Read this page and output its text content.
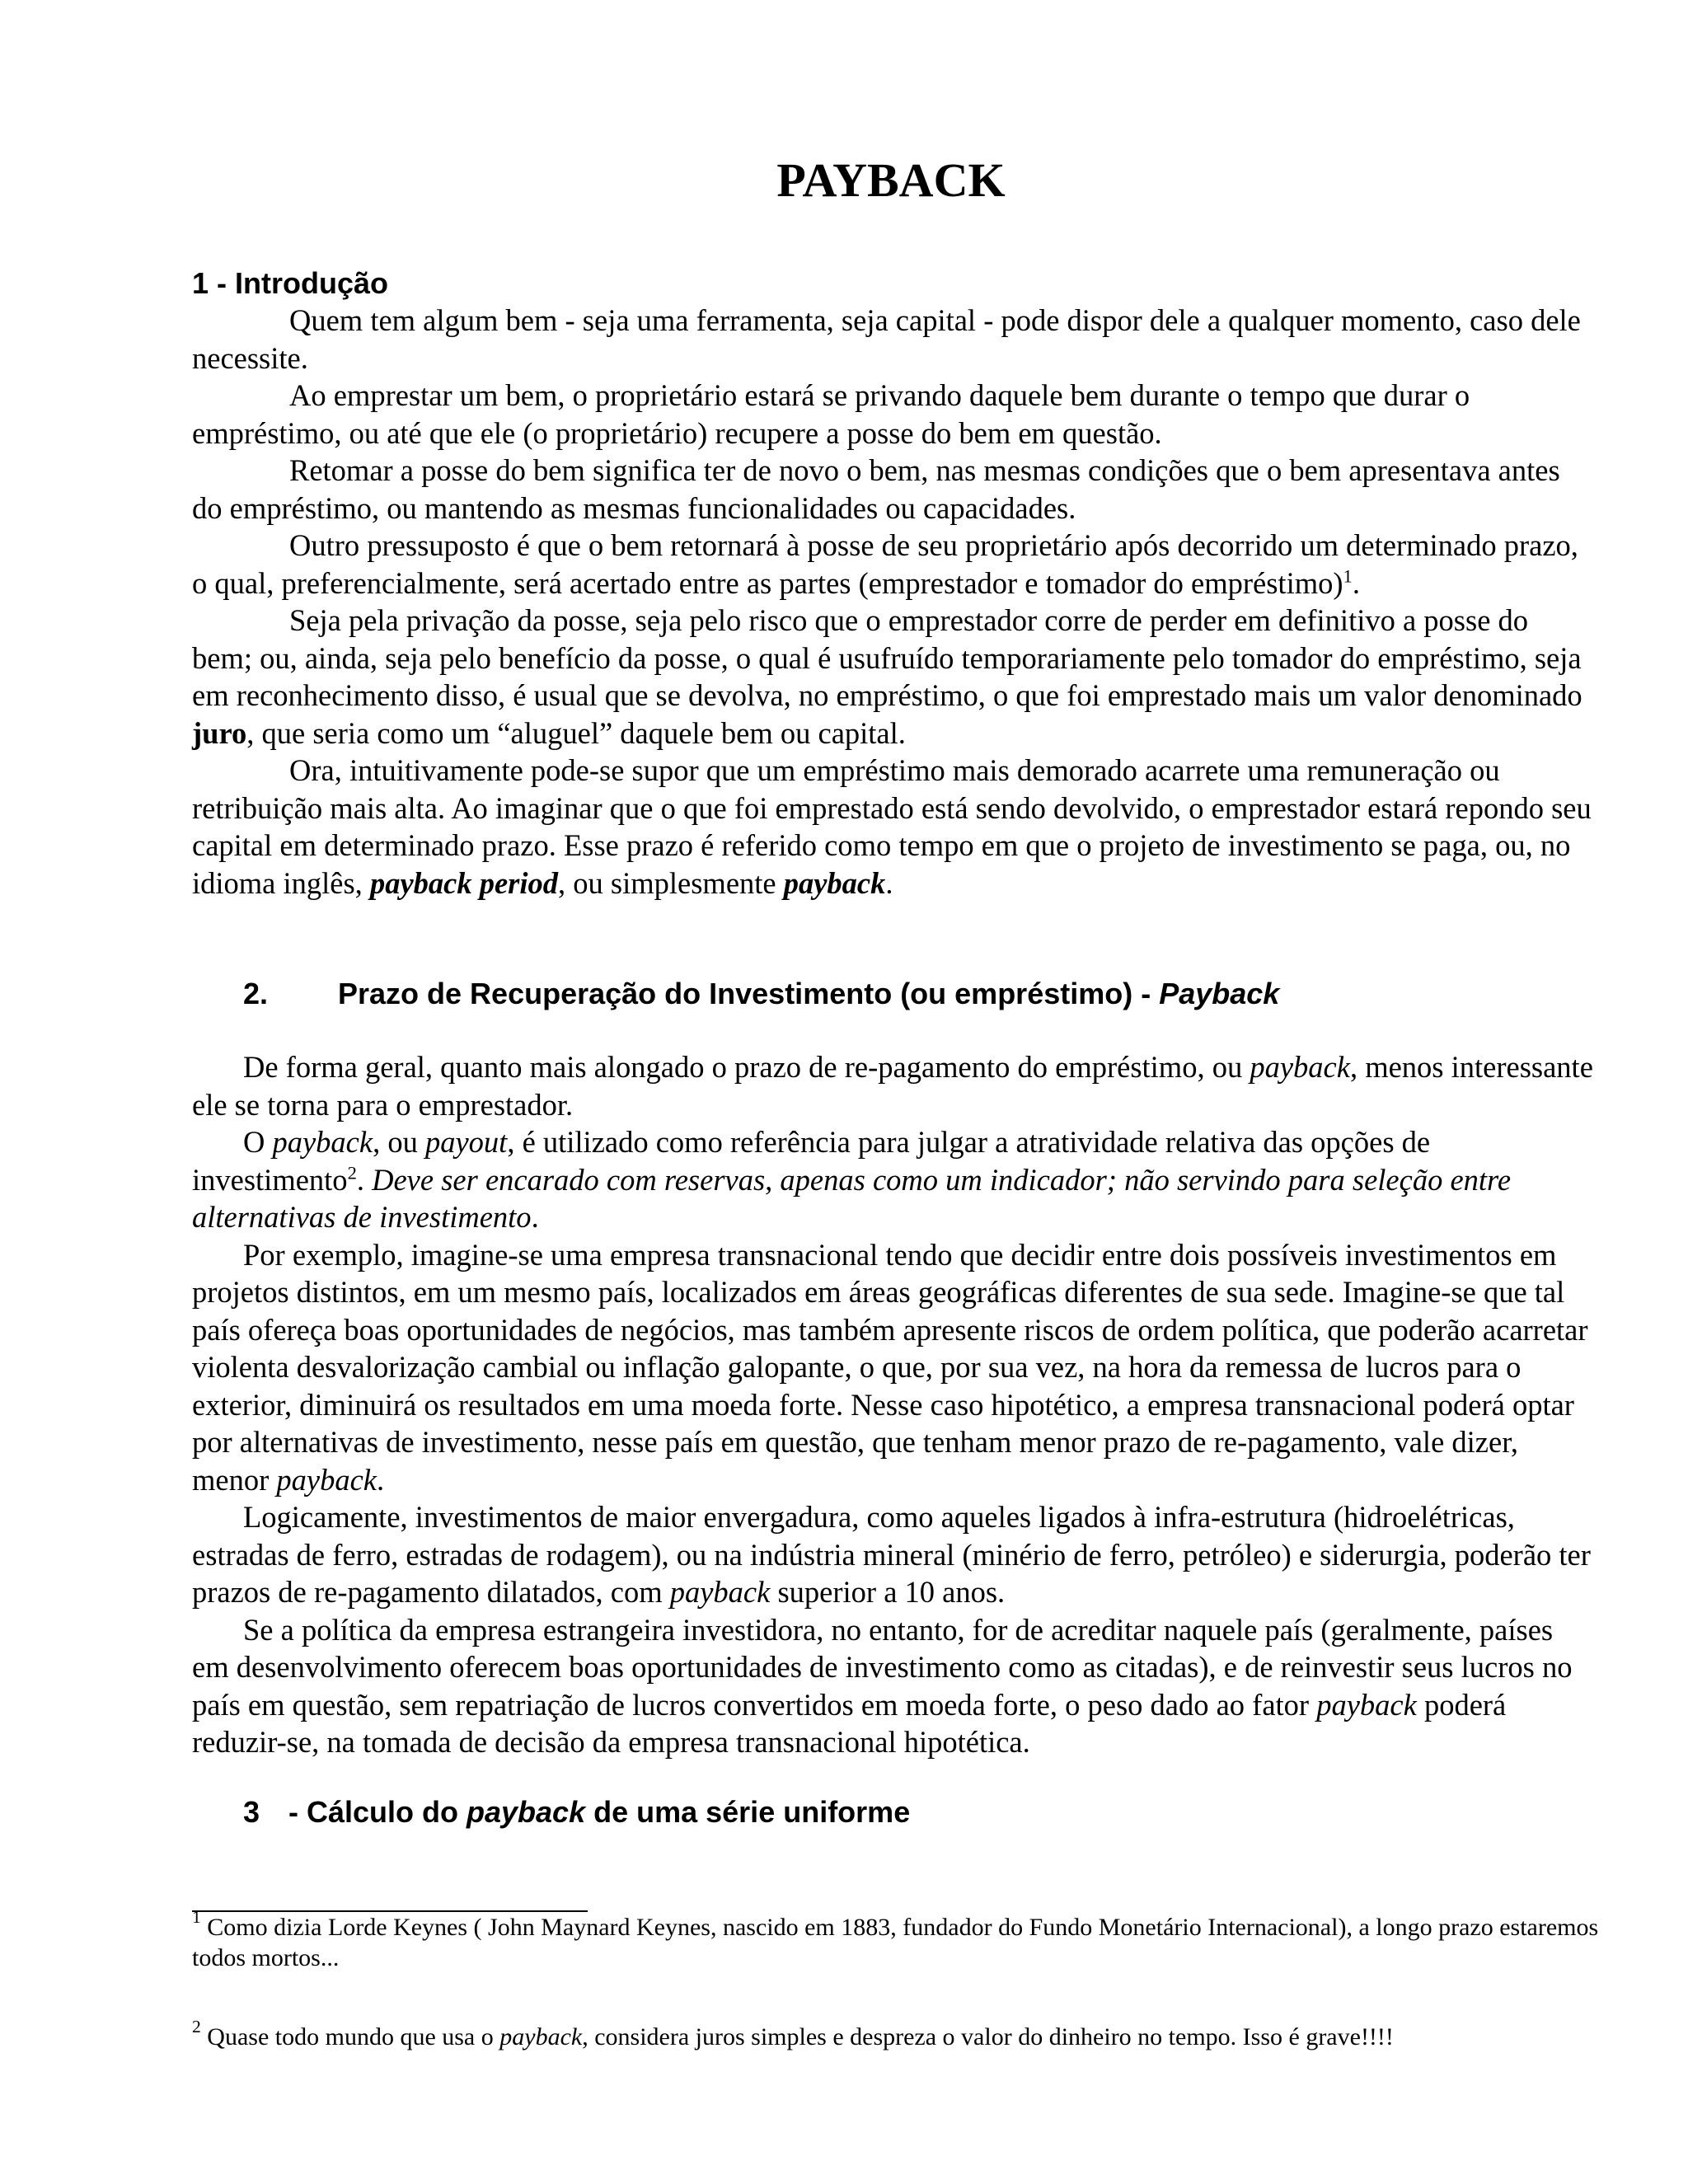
PAYBACK
1 - Introdução

Quem tem algum bem - seja uma ferramenta, seja capital - pode dispor dele a qualquer momento, caso dele necessite.

Ao emprestar um bem, o proprietário estará se privando daquele bem durante o tempo que durar o empréstimo, ou até que ele (o proprietário) recupere a posse do bem em questão.

Retomar a posse do bem significa ter de novo o bem, nas mesmas condições que o bem apresentava antes do empréstimo, ou mantendo as mesmas funcionalidades ou capacidades.

Outro pressuposto é que o bem retornará à posse de seu proprietário após decorrido um determinado prazo, o qual, preferencialmente, será acertado entre as partes (emprestador e tomador do empréstimo)$^1$.

Seja pela privação da posse, seja pelo risco que o emprestador corre de perder em definitivo a posse do bem; ou, ainda, seja pelo benefício da posse, o qual é usufruído temporariamente pelo tomador do empréstimo, seja em reconhecimento disso, é usual que se devolva, no empréstimo, o que foi emprestado mais um valor denominado juro, que seria como um “aluguel” daquele bem ou capital.

Ora, intuitivamente pode-se supor que um empréstimo mais demorado acarrete uma remuneração ou retribuição mais alta. Ao imaginar que o que foi emprestado está sendo devolvido, o emprestador estará repondo seu capital em determinado prazo. Esse prazo é referido como tempo em que o projeto de investimento se paga, ou, no idioma inglês, payback period, ou simplesmente payback.

2. Prazo de Recuperação do Investimento (ou empréstimo) - Payback

De forma geral, quanto mais alongado o prazo de re-pagamento do empréstimo, ou payback, menos interessante ele se torna para o emprestador.

O payback, ou payout, é utilizado como referência para julgar a atratividade relativa das opções de investimento$^2$. Deve ser encarado com reservas, apenas como um indicador; não servindo para seleção entre alternativas de investimento.

Por exemplo, imagine-se uma empresa transnacional tendo que decidir entre dois possíveis investimentos em projetos distintos, em um mesmo país, localizados em áreas geográficas diferentes de sua sede. Imagine-se que tal país ofereça boas oportunidades de negócios, mas também apresente riscos de ordem política, que poderão acarretar violenta desvalorização cambial ou inflação galopante, o que, por sua vez, na hora da remessa de lucros para o exterior, diminuirá os resultados em uma moeda forte. Nesse caso hipotético, a empresa transnacional poderá optar por alternativas de investimento, nesse país em questão, que tenham menor prazo de re-pagamento, vale dizer, menor payback.

Logicamente, investimentos de maior envergadura, como aqueles ligados à infra-estrutura (hidroelétricas, estradas de ferro, estradas de rodagem), ou na indústria mineral (minério de ferro, petróleo) e siderurgia, poderão ter prazos de re-pagamento dilatados, com payback superior a 10 anos.

Se a política da empresa estrangeira investidora, no entanto, for de acreditar naquele país (geralmente, países em desenvolvimento oferecem boas oportunidades de investimento como as citadas), e de reinvestir seus lucros no país em questão, sem repatriação de lucros convertidos em moeda forte, o peso dado ao fator payback poderá reduzir-se, na tomada de decisão da empresa transnacional hipotética.

3 - Cálculo do payback de uma série uniforme

$^1$ Como dizia Lorde Keynes ( John Maynard Keynes, nascido em 1883, fundador do Fundo Monetário Internacional), a longo prazo estaremos todos mortos...

$^2$ Quase todo mundo que usa o payback, considera juros simples e despreza o valor do dinheiro no tempo. Isso é grave!!!!
